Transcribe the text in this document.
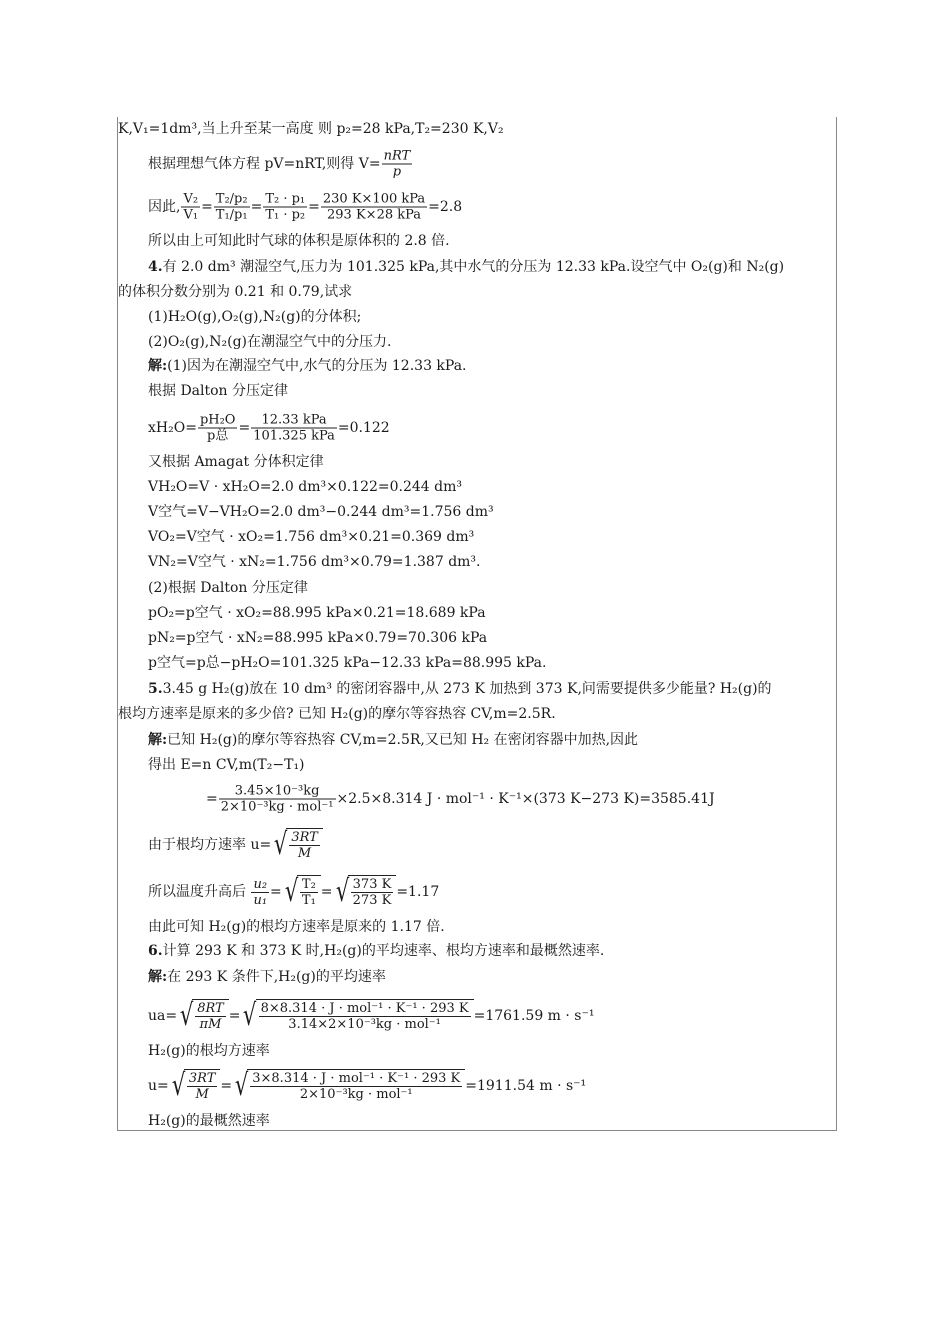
K,V₁=1dm³,当上升至某一高度 则 p₂=28 kPa,T₂=230 K,V₂
根据理想气体方程 pV=nRT,则得 $V= \frac{\text{nRT}}{p}$
因此, $\frac{\text{V₂}}{\text{V₁}} = \frac{\text{T₂/p₂}}{\text{T₁/p₁}} = \frac{\text{T₂ · p₁}}{\text{T₁ · p₂}} = \frac{\text{230 K×100 kPa}}{\text{293 K×28 kPa}} =2.8$
所以由上可知此时气球的体积是原体积的 2.8 倍.
4.有 2.0 dm³ 潮湿空气,压力为 101.325 kPa,其中水气的分压为 12.33 kPa.设空气中 O₂(g)和 N₂(g)
的体积分数分别为 0.21 和 0.79,试求
(1)H₂O(g),O₂(g),N₂(g)的分体积;
(2)O₂(g),N₂(g)在潮湿空气中的分压力.
解:(1)因为在潮湿空气中,水气的分压为 12.33 kPa.
根据 Dalton 分压定律
$xH_2O= \frac{\text{pH₂O}}{\text{p总}} = \frac{\text{12.33 kPa}}{\text{101.325 kPa}} =0.122$
又根据 Amagat 分体积定律
VH₂O=V · xH₂O=2.0 dm³×0.122=0.244 dm³
V空气=V−VH₂O=2.0 dm³−0.244 dm³=1.756 dm³
VO₂=V空气 · xO₂=1.756 dm³×0.21=0.369 dm³
VN₂=V空气 · xN₂=1.756 dm³×0.79=1.387 dm³.
(2)根据 Dalton 分压定律
pO₂=p空气 · xO₂=88.995 kPa×0.21=18.689 kPa
pN₂=p空气 · xN₂=88.995 kPa×0.79=70.306 kPa
p空气=p总−pH₂O=101.325 kPa−12.33 kPa=88.995 kPa.
5.3.45 g H₂(g)放在 10 dm³ 的密闭容器中,从 273 K 加热到 373 K,问需要提供多少能量? H₂(g)的
根均方速率是原来的多少倍? 已知 H₂(g)的摩尔等容热容 CV,m=2.5R.
解:已知 H₂(g)的摩尔等容热容 CV,m=2.5R,又已知 H₂ 在密闭容器中加热,因此
得出 E=n CV,m(T₂−T₁)
= $\frac{\text{3.45×10⁻³kg}}{\text{2×10⁻³kg · mol⁻¹}} \times 2.5\times 8.314$ J · mol⁻¹ · K⁻¹×(373 K−273 K)=3585.41J
由于根均方速率 u= √ $\frac{3RT}{M}$
所以温度升高后 $\frac{\text{u₂}}{\text{u₁}}$ = √ $\frac{\text{T₂}}{\text{T₁}}$ = √ $\frac{373 K}{273 K} =1.17$
由此可知 H₂(g)的根均方速率是原来的 1.17 倍.
6.计算 293 K 和 373 K 时,H₂(g)的平均速率、根均方速率和最概然速率.
解:在 293 K 条件下,H₂(g)的平均速率
ua= √ $\frac{8RT}{\pi M}$ = √ $\frac{\text{8×8.314 · J · mol⁻¹ · K⁻¹ · 293 K}}{\text{3.14×2×10⁻³kg · mol⁻¹}} =1761.59$ m · s⁻¹
H₂(g)的根均方速率
u= √ $\frac{3RT}{M}$ = √ $\frac{\text{3×8.314 · J · mol⁻¹ · K⁻¹ · 293 K}}{\text{2×10⁻³kg · mol⁻¹}} =1911.54$ m · s⁻¹
H₂(g)的最概然速率
